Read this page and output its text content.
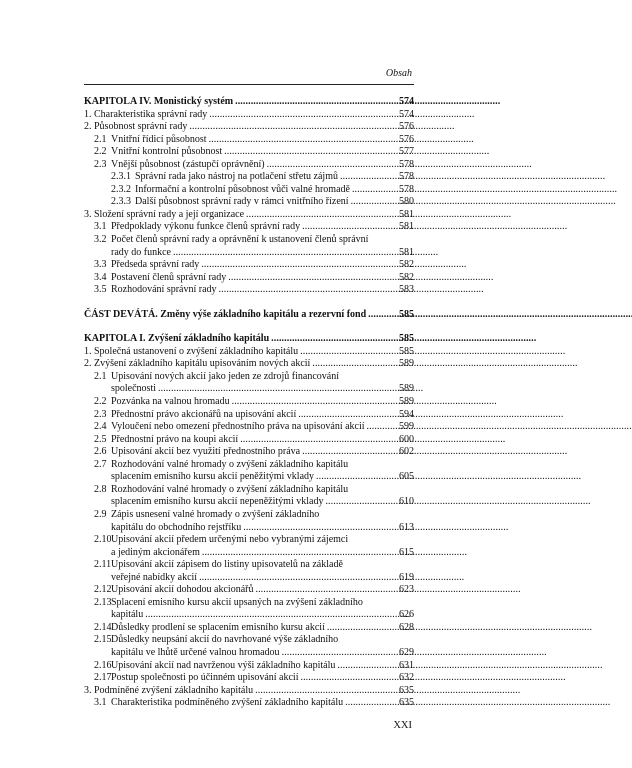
Obsah
KAPITOLA IV. Monistický systém . . .	574
1. Charakteristika správní rady . . .	574
2. Působnost správní rady . . .	576
2.1 Vnitřní řídicí působnost . . .	576
2.2 Vnitřní kontrolní působnost . . .	577
2.3 Vnější působnost (zástupčí oprávnění) . . .	578
2.3.1 Správní rada jako nástroj na potlačení střetu zájmů . . .	578
2.3.2 Informační a kontrolní působnost vůči valné hromadě . . .	578
2.3.3 Další působnost správní rady v rámci vnitřního řízení . . .	580
3. Složení správní rady a její organizace . . .	581
3.1 Předpoklady výkonu funkce členů správní rady . . .	581
3.2 Počet členů správní rady a oprávnění k ustanovení členů správní
rady do funkce . . .	581
3.3 Předseda správní rady . . .	582
3.4 Postavení členů správní rady . . .	582
3.5 Rozhodování správní rady . . .	583
ČÁST DEVÁTÁ. Změny výše základního kapitálu a rezervní fond . . .	585
KAPITOLA I. Zvýšení základního kapitálu . . .	585
1. Společná ustanovení o zvýšení základního kapitálu . . .	585
2. Zvýšení základního kapitálu upisováním nových akcií . . .	589
2.1 Upisování nových akcií jako jeden ze zdrojů financování
společnosti . . .	589
2.2 Pozvánka na valnou hromadu . . .	589
2.3 Přednostní právo akcionářů na upisování akcií . . .	594
2.4 Vyloučení nebo omezení přednostního práva na upisování akcií . . .	599
2.5 Přednostní právo na koupi akcií . . .	600
2.6 Upisování akcií bez využití přednostního práva . . .	602
2.7 Rozhodování valné hromady o zvýšení základního kapitálu
splacením emisního kursu akcií peněžitými vklady . . .	605
2.8 Rozhodování valné hromady o zvýšení základního kapitálu
splacením emisního kursu akcií nepeněžitými vklady . . .	610
2.9 Zápis usnesení valné hromady o zvýšení základního
kapitálu do obchodního rejstříku . . .	613
2.10 Upisování akcií předem určenými nebo vybranými zájemci
a jediným akcionářem . . .	615
2.11 Upisování akcií zápisem do listiny upisovatelů na základě
veřejné nabídky akcií . . .	619
2.12 Upisování akcií dohodou akcionářů . . .	623
2.13 Splacení emisního kursu akcií upsaných na zvýšení základního
kapitálu . . .	626
2.14 Důsledky prodlení se splacením emisního kursu akcií . . .	628
2.15 Důsledky neupsání akcií do navrhované výše základního
kapitálu ve lhůtě určené valnou hromadou . . .	629
2.16 Upisování akcií nad navrženou výši základního kapitálu . . .	631
2.17 Postup společnosti po účinném upisování akcií . . .	632
3. Podmíněné zvýšení základního kapitálu . . .	635
3.1 Charakteristika podmíněného zvýšení základního kapitálu . . .	635
XXI
